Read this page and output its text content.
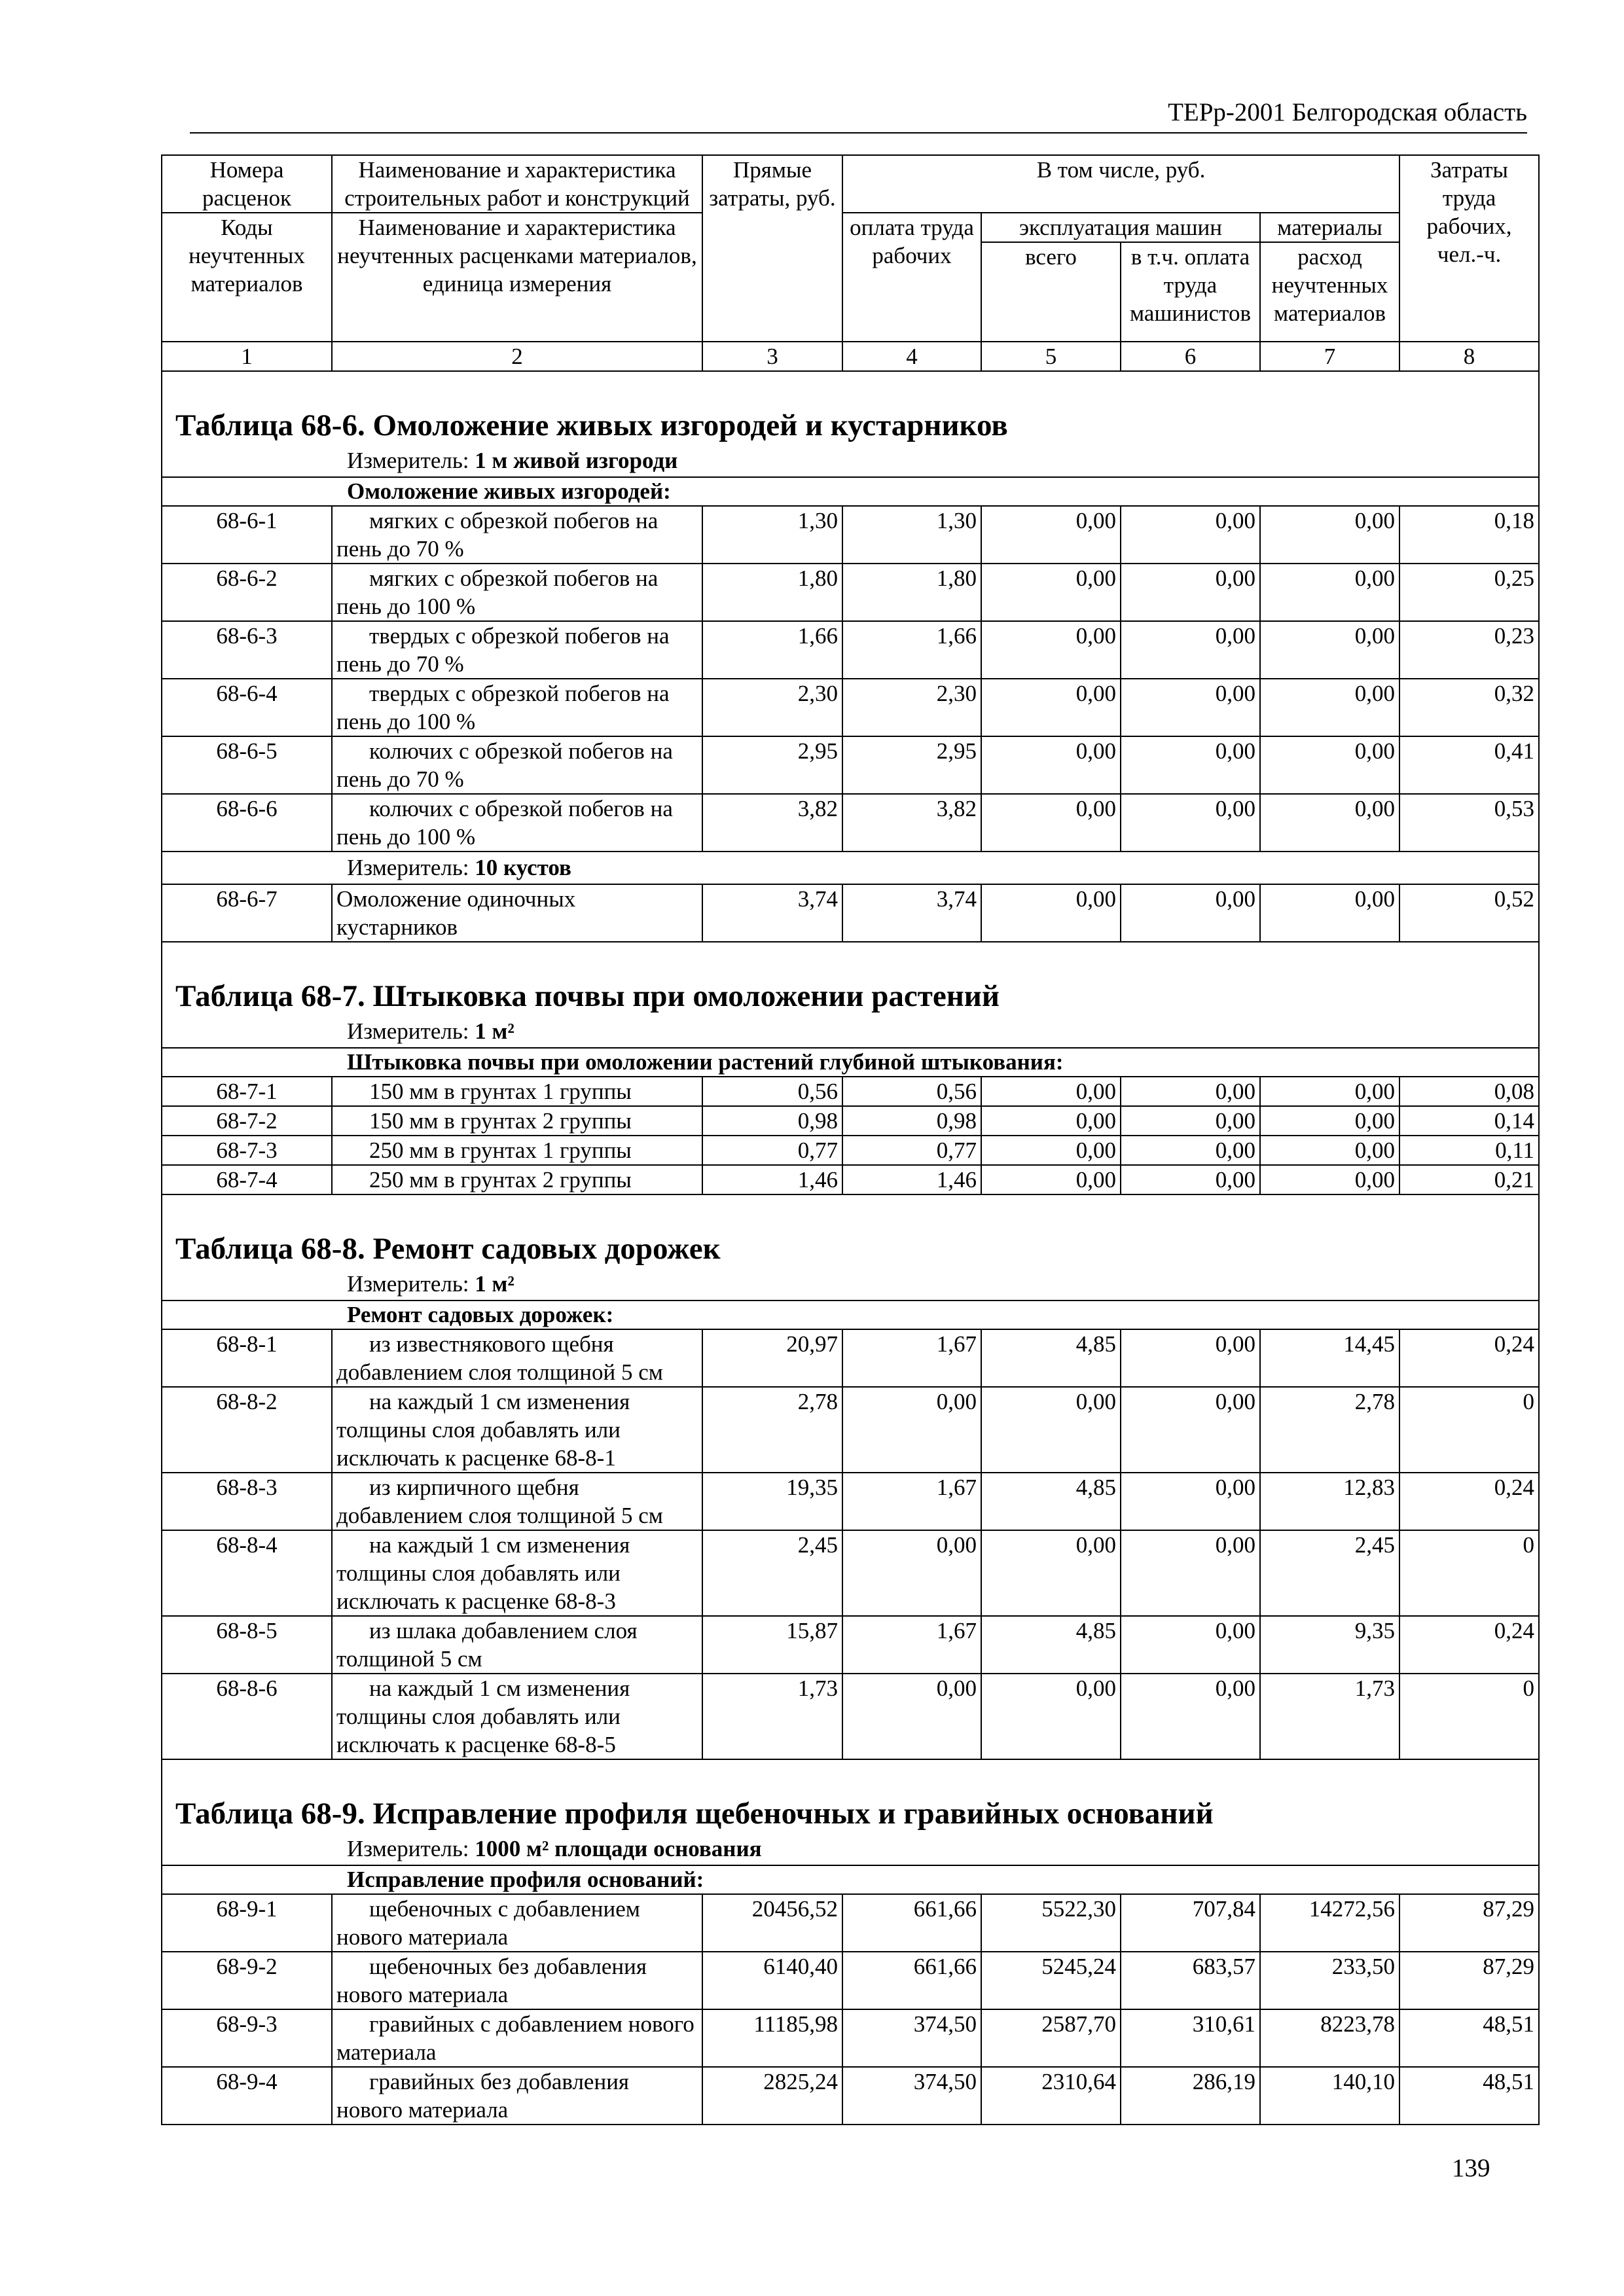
ТЕРр-2001 Белгородская область
Номера расценок	Наименование и характеристика строительных работ и конструкций	Прямые затраты, руб.	В том числе, руб.				Затраты труда рабочих, чел.-ч.
Коды неучтенных материалов	Наименование и характеристика неучтенных расценками материалов, единица измерения		оплата труда рабочих	эксплуатация машин		материалы	
				всего	в т.ч. оплата труда машинистов	расход неучтенных материалов	
1	2	3	4	5	6	7	8
Таблица 68-6. Омоложение живых изгородей и кустарников							
Измеритель: 1 м живой изгороди							
Омоложение живых изгородей:							
68-6-1	мягких с обрезкой побегов на пень до 70 %	1,30	1,30	0,00	0,00	0,00	0,18
68-6-2	мягких с обрезкой побегов на пень до 100 %	1,80	1,80	0,00	0,00	0,00	0,25
68-6-3	твердых с обрезкой побегов на пень до 70 %	1,66	1,66	0,00	0,00	0,00	0,23
68-6-4	твердых с обрезкой побегов на пень до 100 %	2,30	2,30	0,00	0,00	0,00	0,32
68-6-5	колючих с обрезкой побегов на пень до 70 %	2,95	2,95	0,00	0,00	0,00	0,41
68-6-6	колючих с обрезкой побегов на пень до 100 %	3,82	3,82	0,00	0,00	0,00	0,53
Измеритель: 10 кустов							
68-6-7	Омоложение одиночных кустарников	3,74	3,74	0,00	0,00	0,00	0,52
Таблица 68-7. Штыковка почвы при омоложении растений							
Измеритель: 1 м²							
Штыковка почвы при омоложении растений глубиной штыкования:							
68-7-1	150 мм в грунтах 1 группы	0,56	0,56	0,00	0,00	0,00	0,08
68-7-2	150 мм в грунтах 2 группы	0,98	0,98	0,00	0,00	0,00	0,14
68-7-3	250 мм в грунтах 1 группы	0,77	0,77	0,00	0,00	0,00	0,11
68-7-4	250 мм в грунтах 2 группы	1,46	1,46	0,00	0,00	0,00	0,21
Таблица 68-8. Ремонт садовых дорожек							
Измеритель: 1 м²							
Ремонт садовых дорожек:							
68-8-1	из известнякового щебня добавлением слоя толщиной 5 см	20,97	1,67	4,85	0,00	14,45	0,24
68-8-2	на каждый 1 см изменения толщины слоя добавлять или исключать к расценке 68-8-1	2,78	0,00	0,00	0,00	2,78	0
68-8-3	из кирпичного щебня добавлением слоя толщиной 5 см	19,35	1,67	4,85	0,00	12,83	0,24
68-8-4	на каждый 1 см изменения толщины слоя добавлять или исключать к расценке 68-8-3	2,45	0,00	0,00	0,00	2,45	0
68-8-5	из шлака добавлением слоя толщиной 5 см	15,87	1,67	4,85	0,00	9,35	0,24
68-8-6	на каждый 1 см изменения толщины слоя добавлять или исключать к расценке 68-8-5	1,73	0,00	0,00	0,00	1,73	0
Таблица 68-9. Исправление профиля щебеночных и гравийных оснований							
Измеритель: 1000 м² площади основания							
Исправление профиля оснований:							
68-9-1	щебеночных с добавлением нового материала	20456,52	661,66	5522,30	707,84	14272,56	87,29
68-9-2	щебеночных без добавления нового материала	6140,40	661,66	5245,24	683,57	233,50	87,29
68-9-3	гравийных с добавлением нового материала	11185,98	374,50	2587,70	310,61	8223,78	48,51
68-9-4	гравийных без добавления нового материала	2825,24	374,50	2310,64	286,19	140,10	48,51
139
